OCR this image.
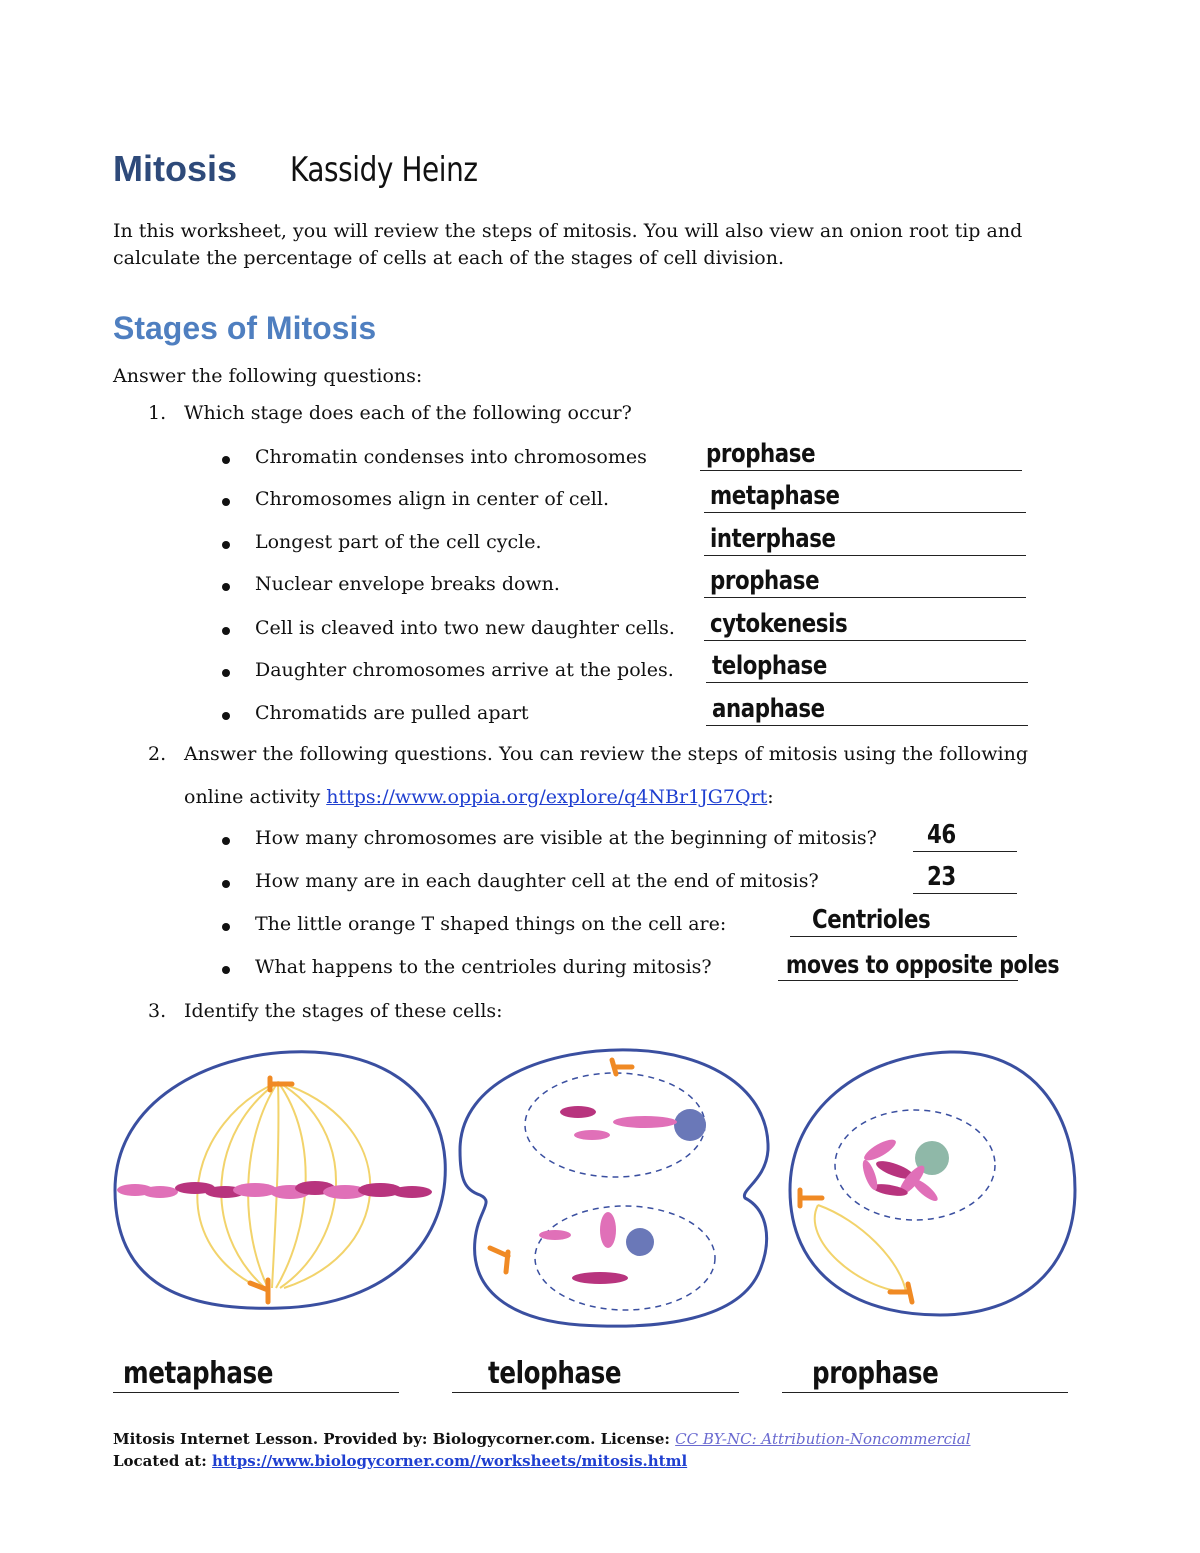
Mitosis Kassidy Heinz

In this worksheet, you will review the steps of mitosis. You will also view an onion root tip and calculate the percentage of cells at each of the stages of cell division.

Stages of Mitosis

Answer the following questions:

1. Which stage does each of the following occur?
Chromatin condenses into chromosomes prophase
Chromosomes align in center of cell.	metaphase
Longest part of the cell cycle.	interphase
Nuclear envelope breaks down.	prophase
Cell is cleaved into two new daughter cells. cytokenesis
Daughter chromosomes arrive at the poles. telophase
Chromatids are pulled apart	anaphase
2. Answer the following questions. You can review the steps of mitosis using the following
online activity https://www.oppia.org/explore/q4NBr1JG7Qrt:
How many chromosomes are visible at the beginning of mitosis? 46
How many are in each daughter cell at the end of mitosis?	23
The little orange T shaped things on the cell are:	Centrioles
What happens to the centrioles during mitosis?	moves to opposite poles
3. Identify the stages of these cells:
metaphase	telophase	prophase
Mitosis Internet Lesson. Provided by: Biologycorner.com. License: CC BY-NC: Attribution-Noncommercial
Located at: https://www.biologycorner.com//worksheets/mitosis.html
